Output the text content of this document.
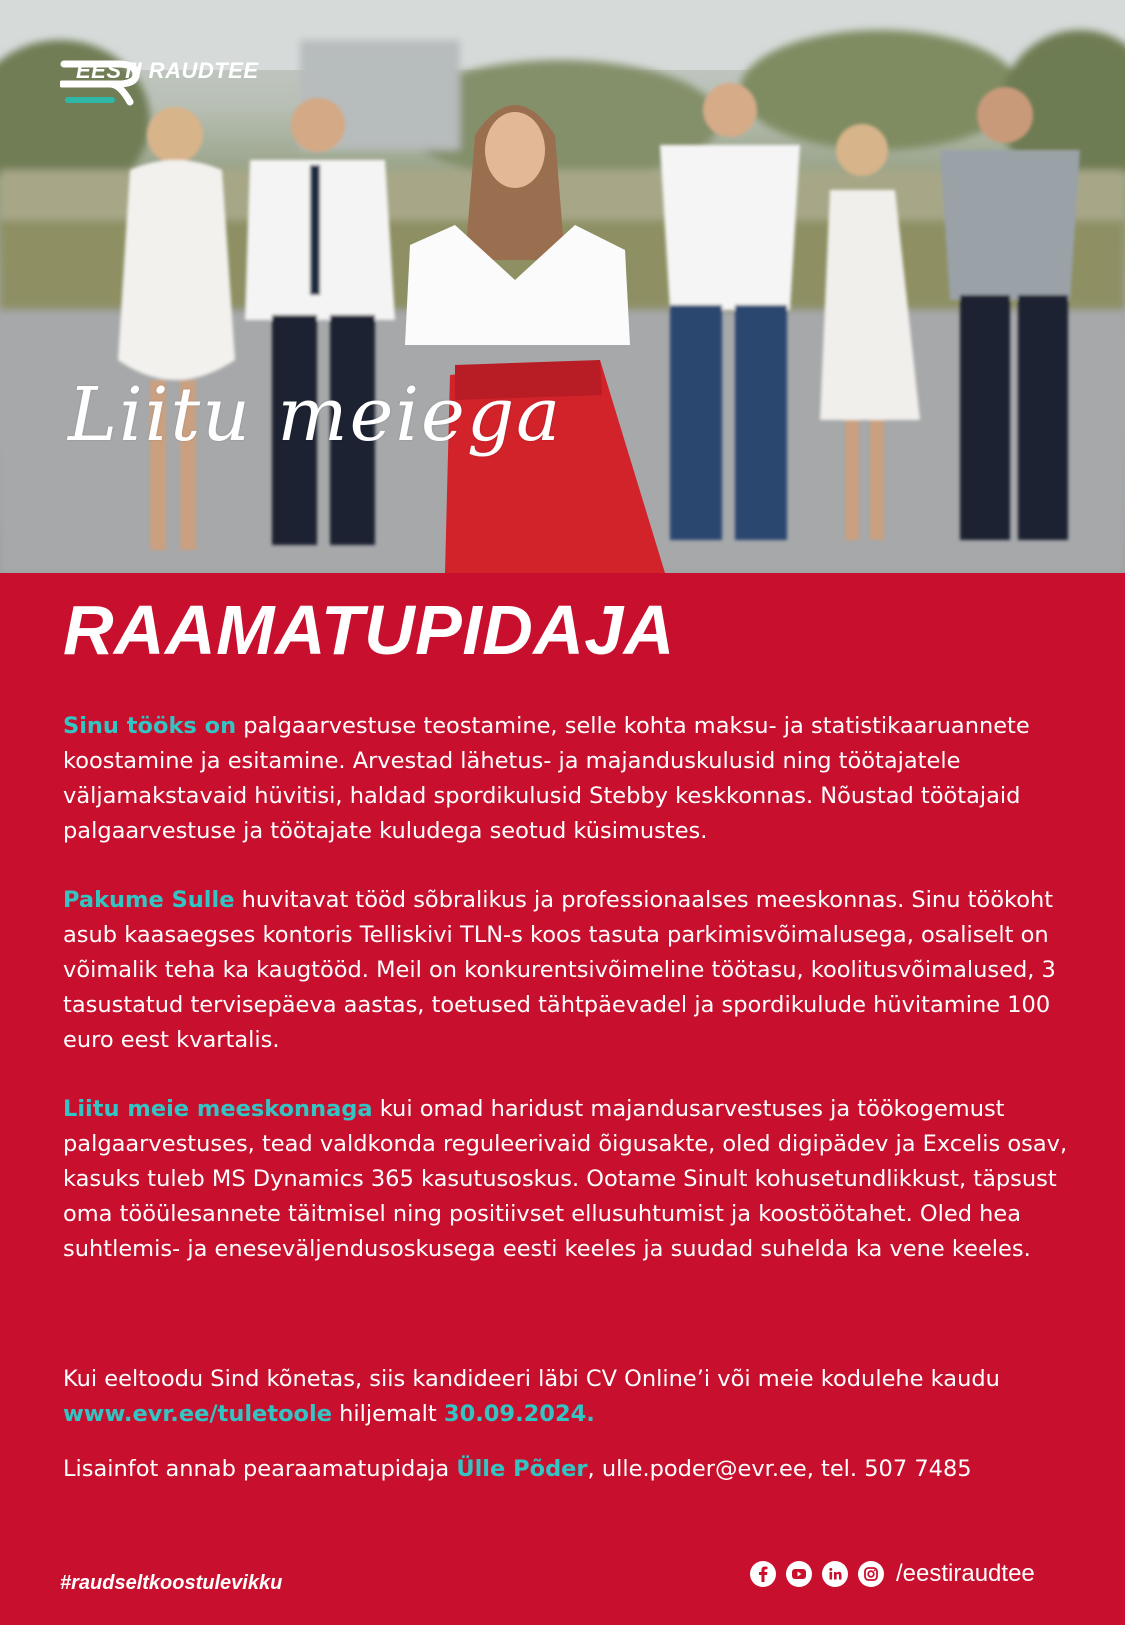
EESTI RAUDTEE
Liitu meiega
RAAMATUPIDAJA

Sinu tööks on palgaarvestuse teostamine, selle kohta maksu- ja statistikaaruannete koostamine ja esitamine. Arvestad lähetus- ja majanduskulusid ning töötajatele väljamakstavaid hüvitisi, haldad spordikulusid Stebby keskkonnas. Nõustad töötajaid palgaarvestuse ja töötajate kuludega seotud küsimustes.

Pakume Sulle huvitavat tööd sõbralikus ja professionaalses meeskonnas. Sinu töökoht asub kaasaegses kontoris Telliskivi TLN-s koos tasuta parkimisvõimalusega, osaliselt on võimalik teha ka kaugtööd. Meil on konkurentsivõimeline töötasu, koolitusvõimalused, 3 tasustatud tervisepäeva aastas, toetused tähtpäevadel ja spordikulude hüvitamine 100 euro eest kvartalis.

Liitu meie meeskonnaga kui omad haridust majandusarvestuses ja töökogemust palgaarvestuses, tead valdkonda reguleerivaid õigusakte, oled digipädev ja Excelis osav, kasuks tuleb MS Dynamics 365 kasutusoskus. Ootame Sinult kohusetundlikkust, täpsust oma tööülesannete täitmisel ning positiivset ellusuhtumist ja koostöötahet. Oled hea suhtlemis- ja eneseväljendusoskusega eesti keeles ja suudad suhelda ka vene keeles.

Kui eeltoodu Sind kõnetas, siis kandideeri läbi CV Online’i või meie kodulehe kaudu www.evr.ee/tuletoole hiljemalt 30.09.2024.

Lisainfot annab pearaamatupidaja Ülle Põder, ulle.poder@evr.ee, tel. 507 7485

#raudseltkoostulevikku	/eestiraudtee
